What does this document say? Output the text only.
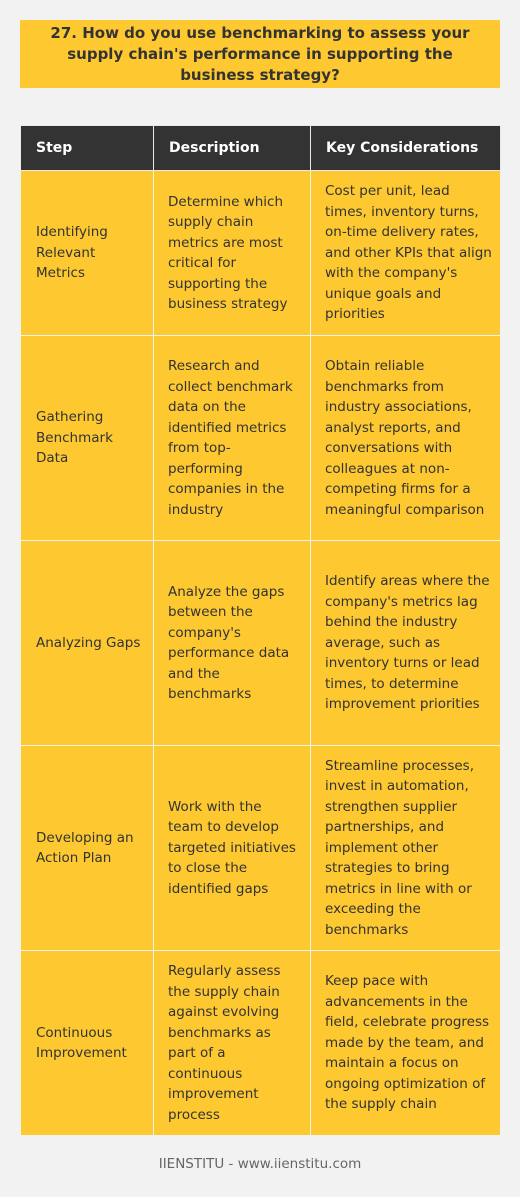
27. How do you use benchmarking to assess your supply chain's performance in supporting the business strategy?
Step	Description	Key Considerations
Identifying Relevant Metrics	Determine which supply chain metrics are most critical for supporting the business strategy	Cost per unit, lead times, inventory turns, on-time delivery rates, and other KPIs that align with the company's unique goals and priorities
Gathering Benchmark Data	Research and collect benchmark data on the identified metrics from top-performing companies in the industry	Obtain reliable benchmarks from industry associations, analyst reports, and conversations with colleagues at non-competing firms for a meaningful comparison
Analyzing Gaps	Analyze the gaps between the company's performance data and the benchmarks	Identify areas where the company's metrics lag behind the industry average, such as inventory turns or lead times, to determine improvement priorities
Developing an Action Plan	Work with the team to develop targeted initiatives to close the identified gaps	Streamline processes, invest in automation, strengthen supplier partnerships, and implement other strategies to bring metrics in line with or exceeding the benchmarks
Continuous Improvement	Regularly assess the supply chain against evolving benchmarks as part of a continuous improvement process	Keep pace with advancements in the field, celebrate progress made by the team, and maintain a focus on ongoing optimization of the supply chain
IIENSTITU - www.iienstitu.com
